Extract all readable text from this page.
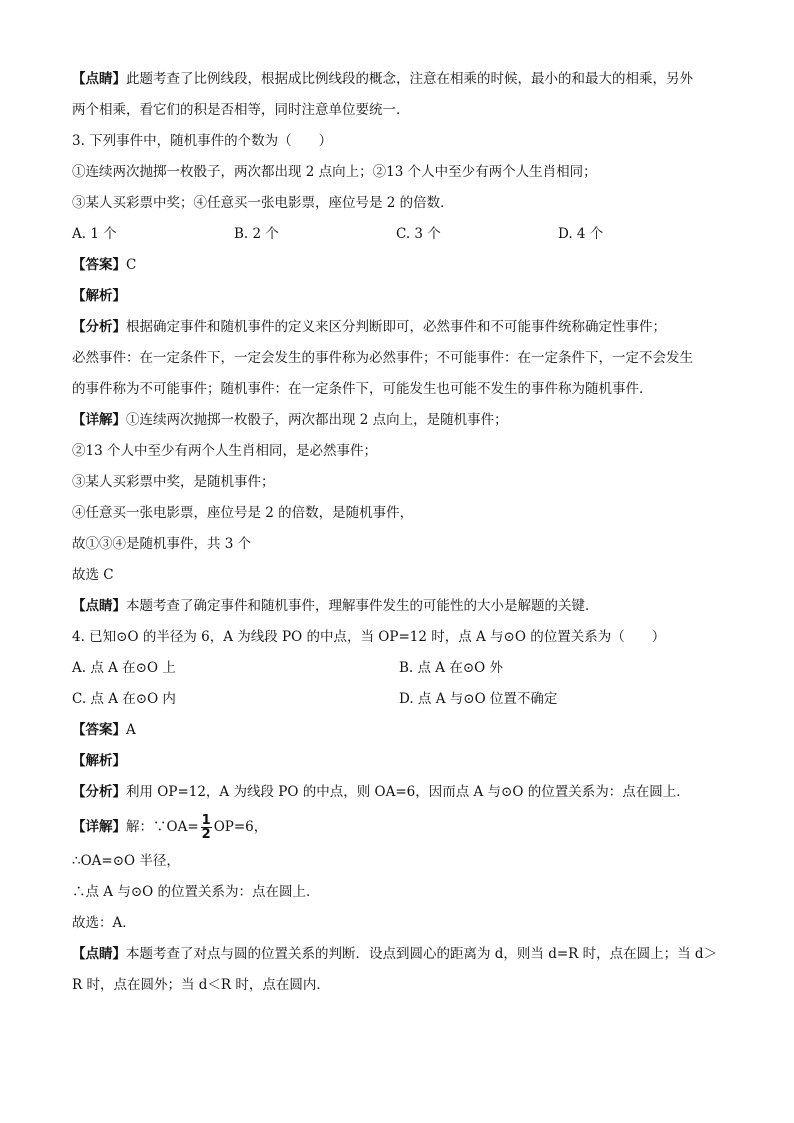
【点睛】此题考查了比例线段，根据成比例线段的概念，注意在相乘的时候，最小的和最大的相乘，另外
两个相乘，看它们的积是否相等，同时注意单位要统一．
3. 下列事件中，随机事件的个数为（　　）
①连续两次抛掷一枚骰子，两次都出现 2 点向上；②13 个人中至少有两个人生肖相同；
③某人买彩票中奖；④任意买一张电影票，座位号是 2 的倍数．
A. 1 个	B. 2 个	C. 3 个	D. 4 个
【答案】C
【解析】
【分析】根据确定事件和随机事件的定义来区分判断即可，必然事件和不可能事件统称确定性事件；
必然事件：在一定条件下，一定会发生的事件称为必然事件；不可能事件：在一定条件下，一定不会发生
的事件称为不可能事件；随机事件：在一定条件下，可能发生也可能不发生的事件称为随机事件．
【详解】①连续两次抛掷一枚骰子，两次都出现 2 点向上，是随机事件；
②13 个人中至少有两个人生肖相同，是必然事件；
③某人买彩票中奖，是随机事件；
④任意买一张电影票，座位号是 2 的倍数，是随机事件，
故①③④是随机事件，共 3 个
故选 C
【点睛】本题考查了确定事件和随机事件，理解事件发生的可能性的大小是解题的关键．
4. 已知⊙O 的半径为 6，A 为线段 PO 的中点，当 OP=12 时，点 A 与⊙O 的位置关系为（　　）
A. 点 A 在⊙O 上	B. 点 A 在⊙O 外
C. 点 A 在⊙O 内	D. 点 A 与⊙O 位置不确定
【答案】A
【解析】
【分析】利用 OP=12，A 为线段 PO 的中点，则 OA=6，因而点 A 与⊙O 的位置关系为：点在圆上．
【详解】解：∵OA= $\frac{1}{2} OP=6$，
∴OA=⊙O 半径，
∴点 A 与⊙O 的位置关系为：点在圆上．
故选：A．
【点睛】本题考查了对点与圆的位置关系的判断．设点到圆心的距离为 d，则当 d=R 时，点在圆上；当 d＞
R 时，点在圆外；当 d＜R 时，点在圆内．
